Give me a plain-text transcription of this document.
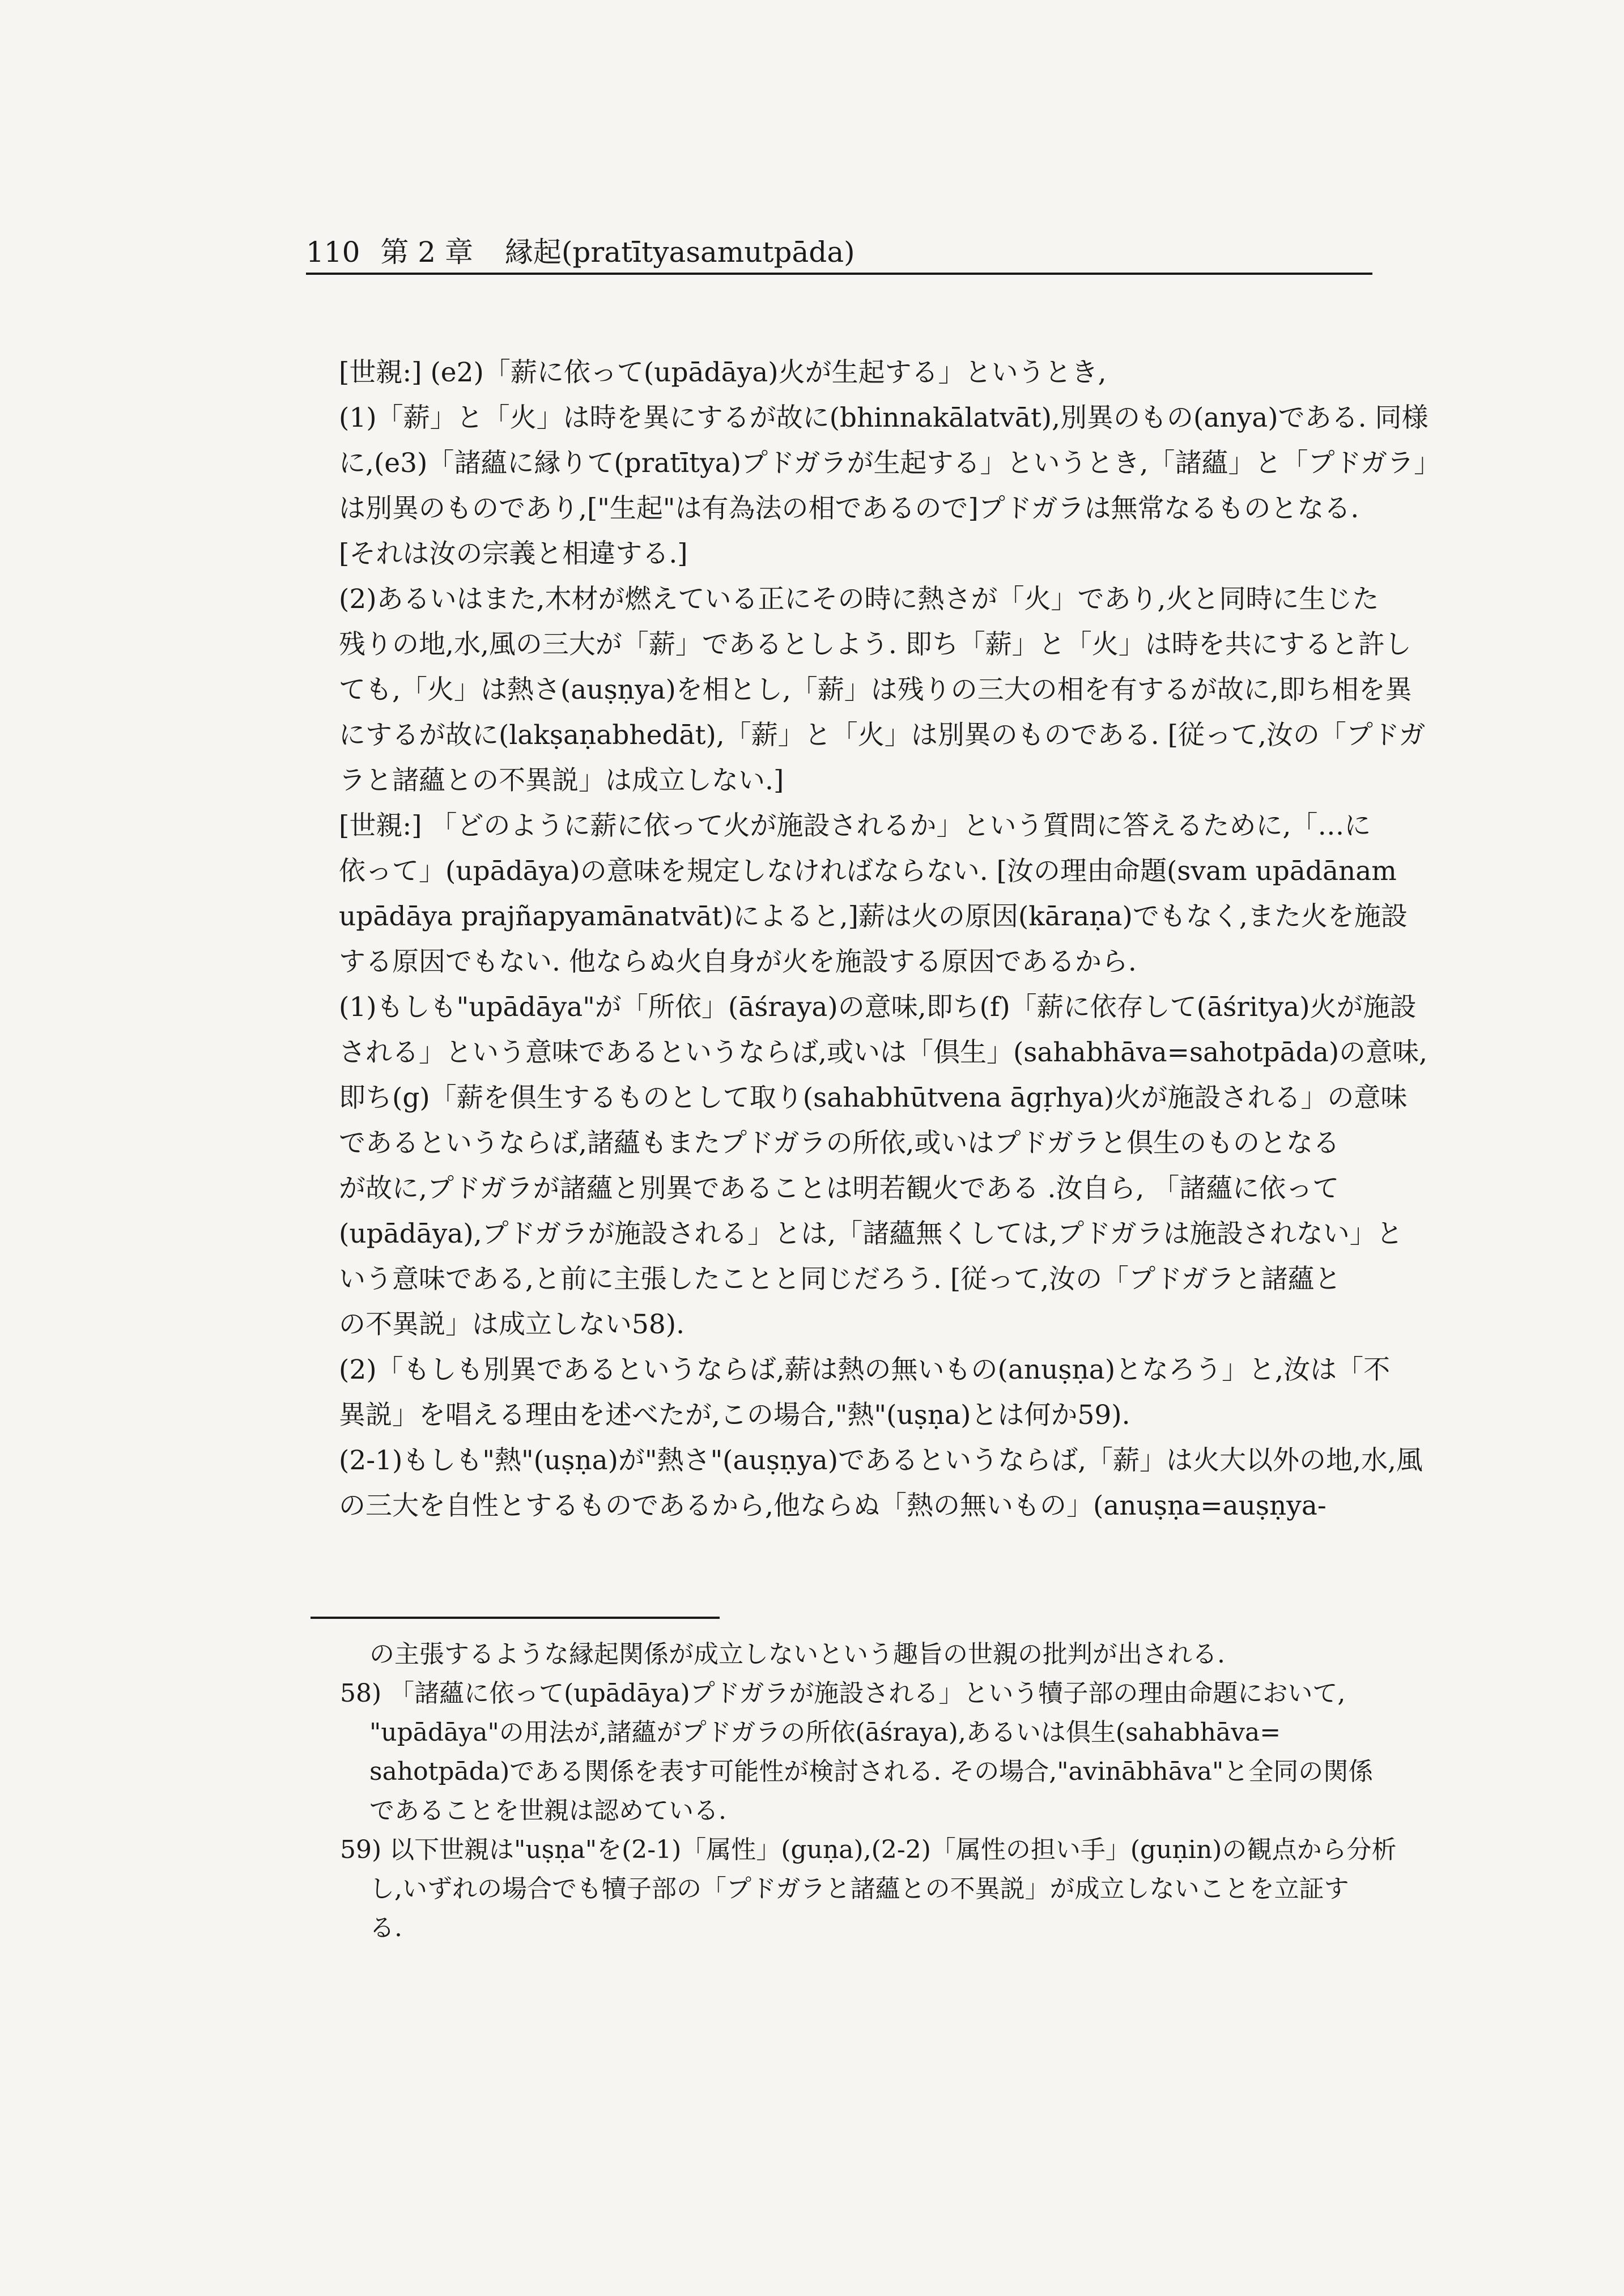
110 第 2 章 縁起(pratītyasamutpāda)
[世親:] (e2)「薪に依って(upādāya)火が生起する」というとき,
(1)「薪」と「火」は時を異にするが故に(bhinnakālatvāt),別異のもの(anya)である. 同様
に,(e3)「諸蘊に縁りて(pratītya)プドガラが生起する」というとき,「諸蘊」と「プドガラ」
は別異のものであり,["生起"は有為法の相であるので]プドガラは無常なるものとなる.
[それは汝の宗義と相違する.]
(2)あるいはまた,木材が燃えている正にその時に熱さが「火」であり,火と同時に生じた
残りの地,水,風の三大が「薪」であるとしよう. 即ち「薪」と「火」は時を共にすると許し
ても,「火」は熱さ(auṣṇya)を相とし,「薪」は残りの三大の相を有するが故に,即ち相を異
にするが故に(lakṣaṇabhedāt),「薪」と「火」は別異のものである. [従って,汝の「プドガ
ラと諸蘊との不異説」は成立しない.]
[世親:] 「どのように薪に依って火が施設されるか」という質問に答えるために,「…に
依って」(upādāya)の意味を規定しなければならない. [汝の理由命題(svam upādānam
upādāya prajñapyamānatvāt)によると,]薪は火の原因(kāraṇa)でもなく,また火を施設
する原因でもない. 他ならぬ火自身が火を施設する原因であるから.
(1)もしも"upādāya"が「所依」(āśraya)の意味,即ち(f)「薪に依存して(āśritya)火が施設
される」という意味であるというならば,或いは「倶生」(sahabhāva=sahotpāda)の意味,
即ち(g)「薪を倶生するものとして取り(sahabhūtvena āgṛhya)火が施設される」の意味
であるというならば,諸蘊もまたプドガラの所依,或いはプドガラと倶生のものとなる
が故に,プドガラが諸蘊と別異であることは明若観火である .汝自ら, 「諸蘊に依って
(upādāya),プドガラが施設される」とは,「諸蘊無くしては,プドガラは施設されない」と
いう意味である,と前に主張したことと同じだろう. [従って,汝の「プドガラと諸蘊と
の不異説」は成立しない58).
(2)「もしも別異であるというならば,薪は熱の無いもの(anuṣṇa)となろう」と,汝は「不
異説」を唱える理由を述べたが,この場合,"熱"(uṣṇa)とは何か59).
(2-1)もしも"熱"(uṣṇa)が"熱さ"(auṣṇya)であるというならば,「薪」は火大以外の地,水,風
の三大を自性とするものであるから,他ならぬ「熱の無いもの」(anuṣṇa=auṣṇya-
の主張するような縁起関係が成立しないという趣旨の世親の批判が出される.
58) 「諸蘊に依って(upādāya)プドガラが施設される」という犢子部の理由命題において,
"upādāya"の用法が,諸蘊がプドガラの所依(āśraya),あるいは倶生(sahabhāva=
sahotpāda)である関係を表す可能性が検討される. その場合,"avinābhāva"と全同の関係
であることを世親は認めている.
59) 以下世親は"uṣṇa"を(2-1)「属性」(guṇa),(2-2)「属性の担い手」(guṇin)の観点から分析
し,いずれの場合でも犢子部の「プドガラと諸蘊との不異説」が成立しないことを立証す
る.
